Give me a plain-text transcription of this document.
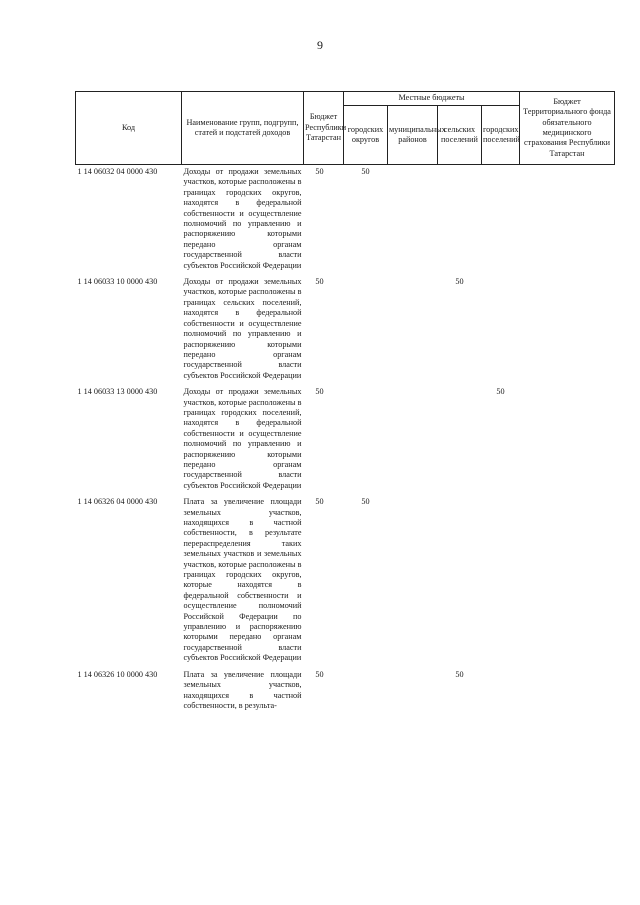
9
Код	Наименование групп, подгрупп, статей и подстатей доходов	Бюджет Республики Татарстан	Местные бюджеты				Бюджет Территориального фонда обязательного медицинского страхования Республики Татарстан
			городских округов	муниципальных районов	сельских поселений	городских поселений	
1 14 06032 04 0000 430	Доходы от продажи земельных участков, которые расположены в границах городских округов, находятся в федеральной собственности и осуществление полномочий по управлению и распоряжению которыми передано органам государственной власти субъектов Российской Федерации	50	50				
1 14 06033 10 0000 430	Доходы от продажи земельных участков, которые расположены в границах сельских поселений, находятся в федеральной собственности и осуществление полномочий по управлению и распоряжению которыми передано органам государственной власти субъектов Российской Федерации	50			50		
1 14 06033 13 0000 430	Доходы от продажи земельных участков, которые расположены в границах городских поселений, находятся в федеральной собственности и осуществление полномочий по управлению и распоряжению которыми передано органам государственной власти субъектов Российской Федерации	50				50	
1 14 06326 04 0000 430	Плата за увеличение площади земельных участков, находящихся в частной собственности, в результате перераспределения таких земельных участков и земельных участков, которые расположены в границах городских округов, которые находятся в федеральной собственности и осуществление полномочий Российской Федерации по управлению и распоряжению которыми передано органам государственной власти субъектов Российской Федерации	50	50				
1 14 06326 10 0000 430	Плата за увеличение площади земельных участков, находящихся в частной собственности, в результа-	50			50		
